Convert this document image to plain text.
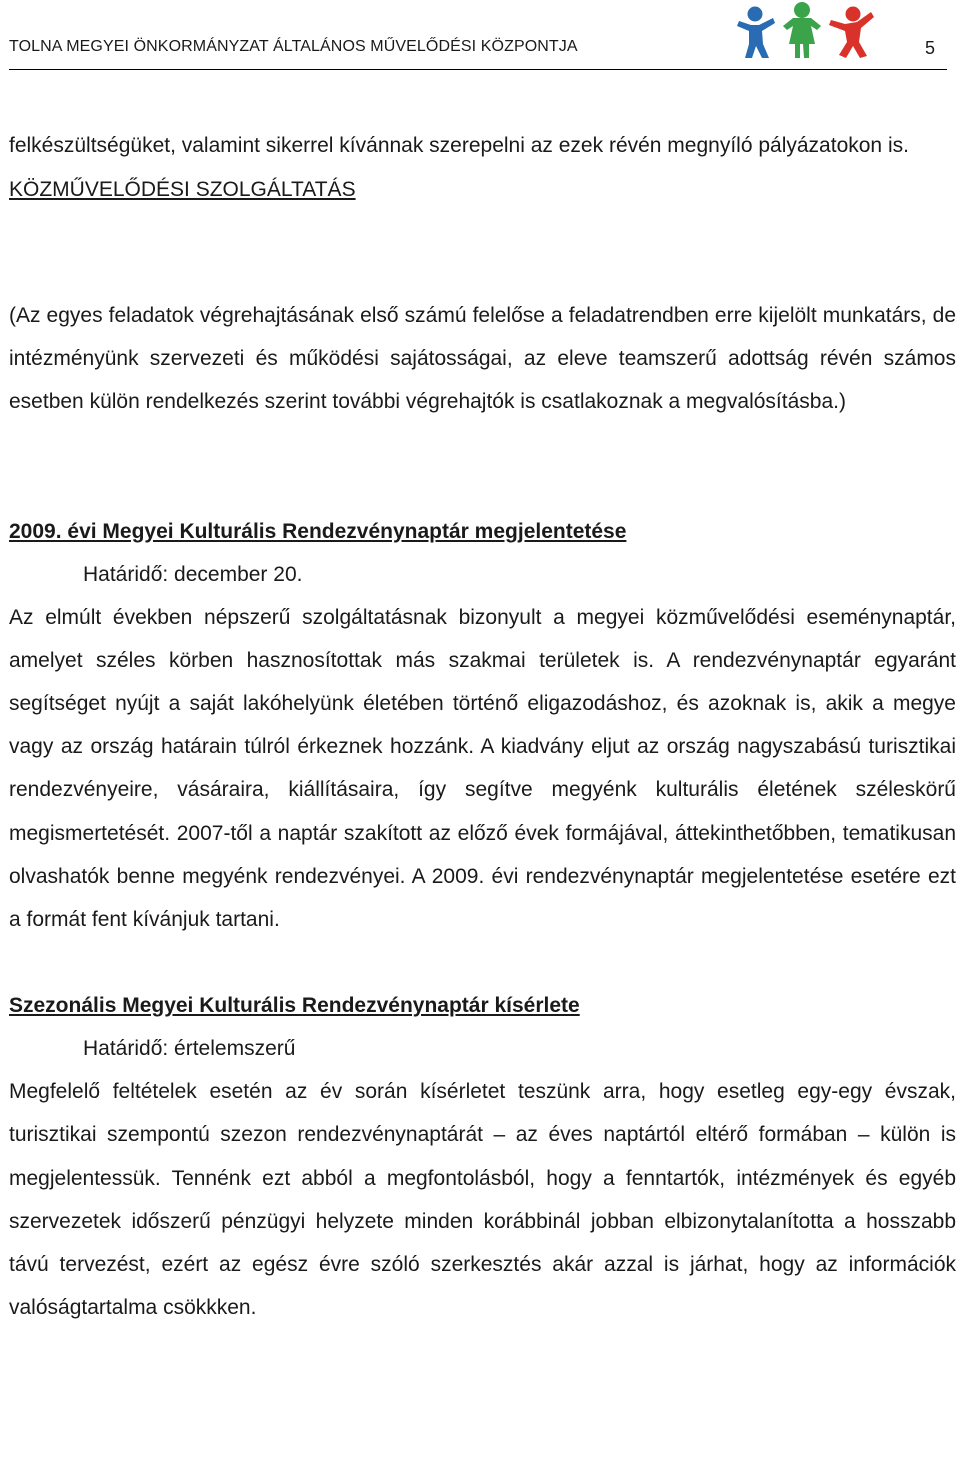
TOLNA MEGYEI ÖNKORMÁNYZAT ÁLTALÁNOS MŰVELŐDÉSI KÖZPONTJA	5

felkészültségüket, valamint sikerrel kívánnak szerepelni az ezek révén megnyíló pályázatokon is.

KÖZMŰVELŐDÉSI SZOLGÁLTATÁS

(Az egyes feladatok végrehajtásának első számú felelőse a feladatrendben erre kijelölt munkatárs, de intézményünk szervezeti és működési sajátosságai, az eleve teamszerű adottság révén számos esetben külön rendelkezés szerint további végrehajtók is csatlakoznak a megvalósításba.)

2009. évi Megyei Kulturális Rendezvénynaptár megjelentetése

Határidő: december 20.

Az elmúlt években népszerű szolgáltatásnak bizonyult a megyei közművelődési eseménynaptár, amelyet széles körben hasznosítottak más szakmai területek is. A rendezvénynaptár egyaránt segítséget nyújt a saját lakóhelyünk életében történő eligazodáshoz, és azoknak is, akik a megye vagy az ország határain túlról érkeznek hozzánk. A kiadvány eljut az ország nagyszabású turisztikai rendezvényeire, vásáraira, kiállításaira, így segítve megyénk kulturális életének széleskörű megismertetését. 2007-től a naptár szakított az előző évek formájával, áttekinthetőbben, tematikusan olvashatók benne megyénk rendezvényei. A 2009. évi rendezvénynaptár megjelentetése esetére ezt a formát fent kívánjuk tartani.

Szezonális Megyei Kulturális Rendezvénynaptár kísérlete

Határidő: értelemszerű

Megfelelő feltételek esetén az év során kísérletet teszünk arra, hogy esetleg egy-egy évszak, turisztikai szempontú szezon rendezvénynaptárát – az éves naptártól eltérő formában – külön is megjelentessük. Tennénk ezt abból a megfontolásból, hogy a fenntartók, intézmények és egyéb szervezetek időszerű pénzügyi helyzete minden korábbinál jobban elbizonytalanította a hosszabb távú tervezést, ezért az egész évre szóló szerkesztés akár azzal is járhat, hogy az információk valóságtartalma csökkken.
